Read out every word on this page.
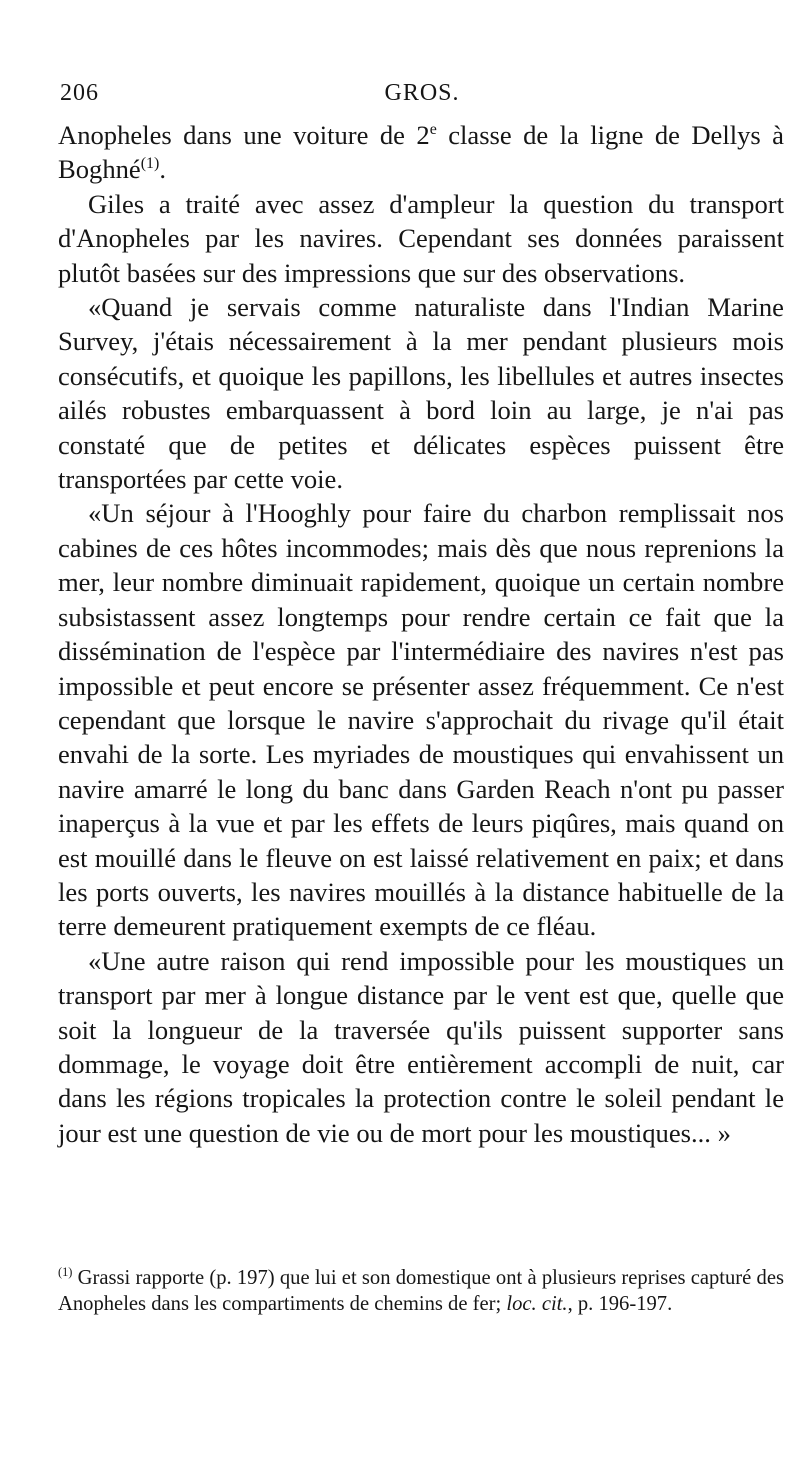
206	GROS.

Anopheles dans une voiture de 2e classe de la ligne de Dellys à Boghné$^{(1)}$.

Giles a traité avec assez d'ampleur la question du transport d'Anopheles par les navires. Cependant ses données paraissent plutôt basées sur des impressions que sur des observations.

«Quand je servais comme naturaliste dans l'Indian Marine Survey, j'étais nécessairement à la mer pendant plusieurs mois consécutifs, et quoique les papillons, les libellules et autres insectes ailés robustes embarquassent à bord loin au large, je n'ai pas constaté que de petites et délicates espèces puissent être transportées par cette voie.

«Un séjour à l'Hooghly pour faire du charbon remplissait nos cabines de ces hôtes incommodes; mais dès que nous reprenions la mer, leur nombre diminuait rapidement, quoique un certain nombre subsistassent assez longtemps pour rendre certain ce fait que la dissémination de l'espèce par l'intermédiaire des navires n'est pas impossible et peut encore se présenter assez fréquemment. Ce n'est cependant que lorsque le navire s'approchait du rivage qu'il était envahi de la sorte. Les myriades de moustiques qui envahissent un navire amarré le long du banc dans Garden Reach n'ont pu passer inaperçus à la vue et par les effets de leurs piqûres, mais quand on est mouillé dans le fleuve on est laissé relativement en paix; et dans les ports ouverts, les navires mouillés à la distance habituelle de la terre demeurent pratiquement exempts de ce fléau.

«Une autre raison qui rend impossible pour les moustiques un transport par mer à longue distance par le vent est que, quelle que soit la longueur de la traversée qu'ils puissent supporter sans dommage, le voyage doit être entièrement accompli de nuit, car dans les régions tropicales la protection contre le soleil pendant le jour est une question de vie ou de mort pour les moustiques... »

$^{(1)}$ Grassi rapporte (p. 197) que lui et son domestique ont à plusieurs reprises capturé des Anopheles dans les compartiments de chemins de fer; loc. cit., p. 196-197.
